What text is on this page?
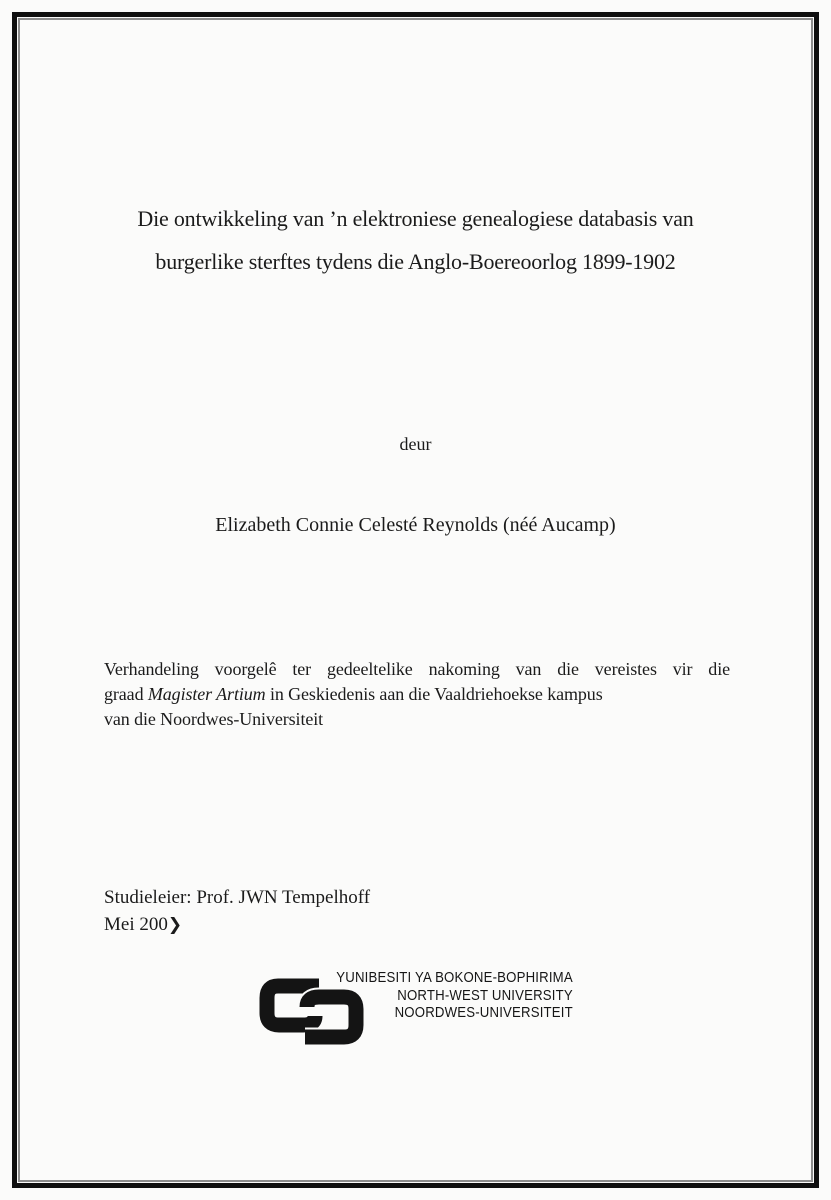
Die ontwikkeling van ’n elektroniese genealogiese databasis van
burgerlike sterftes tydens die Anglo-Boereoorlog 1899-1902
deur
Elizabeth Connie Celesté Reynolds (néé Aucamp)
Verhandeling voorgelê ter gedeeltelike nakoming van die vereistes vir die
graad Magister Artium in Geskiedenis aan die Vaaldriehoekse kampus
van die Noordwes-Universiteit
Studieleier: Prof. JWN Tempelhoff
Mei 200❯
YUNIBESITI YA BOKONE-BOPHIRIMA
NORTH-WEST UNIVERSITY
NOORDWES-UNIVERSITEIT
